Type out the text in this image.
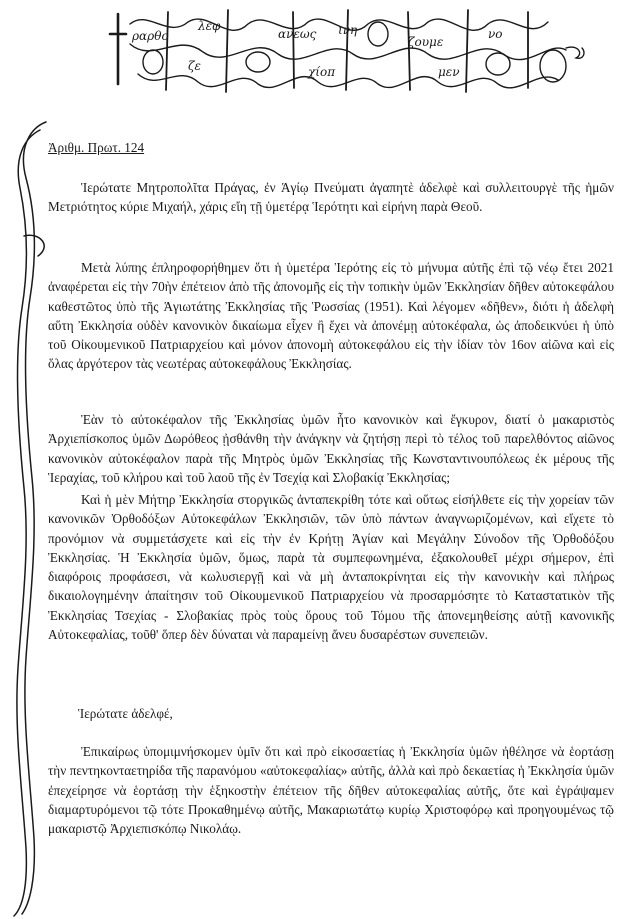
ραρθο
λεφ
ανεως ινη
ζουμε
νο
ζε	χίοπ	μεν
Ἀριθμ. Πρωτ. 124
Ἱερώτατε Μητροπολῖτα Πράγας, ἐν Ἁγίῳ Πνεύματι ἀγαπητὲ ἀδελφὲ καὶ συλλειτουργὲ τῆς ἡμῶν Μετριότητος κύριε Μιχαήλ, χάρις εἴη τῇ ὑμετέρᾳ Ἱερότητι καὶ εἰρήνη παρὰ Θεοῦ.
Μετὰ λύπης ἐπληροφορήθημεν ὅτι ἡ ὑμετέρα Ἱερότης εἰς τὸ μήνυμα αὐτῆς ἐπὶ τῷ νέῳ ἔτει 2021 ἀναφέρεται εἰς τὴν 70ὴν ἐπέτειον ἀπὸ τῆς ἀπονομῆς εἰς τὴν τοπικὴν ὑμῶν Ἐκκλησίαν δῆθεν αὐτοκεφάλου καθεστῶτος ὑπὸ τῆς Ἁγιωτάτης Ἐκκλησίας τῆς Ῥωσσίας (1951). Καὶ λέγομεν «δῆθεν», διότι ἡ ἀδελφὴ αὕτη Ἐκκλησία οὐδὲν κανονικὸν δικαίωμα εἶχεν ἢ ἔχει νὰ ἀπονέμῃ αὐτοκέφαλα, ὡς ἀποδεικνύει ἡ ὑπὸ τοῦ Οἰκουμενικοῦ Πατριαρχείου καὶ μόνον ἀπονομὴ αὐτοκεφάλου εἰς τὴν ἰδίαν τὸν 16ον αἰῶνα καὶ εἰς ὅλας ἀργότερον τὰς νεωτέρας αὐτοκεφάλους Ἐκκλησίας.
Ἐὰν τὸ αὐτοκέφαλον τῆς Ἐκκλησίας ὑμῶν ἦτο κανονικὸν καὶ ἔγκυρον, διατί ὁ μακαριστὸς Ἀρχιεπίσκοπος ὑμῶν Δωρόθεος ᾐσθάνθη τὴν ἀνάγκην νὰ ζητήσῃ περὶ τὸ τέλος τοῦ παρελθόντος αἰῶνος κανονικὸν αὐτοκέφαλον παρὰ τῆς Μητρὸς ὑμῶν Ἐκκλησίας τῆς Κωνσταντινουπόλεως ἐκ μέρους τῆς Ἱεραχίας, τοῦ κλήρου καὶ τοῦ λαοῦ τῆς ἐν Τσεχίᾳ καὶ Σλοβακίᾳ Ἐκκλησίας;
Καὶ ἡ μὲν Μήτηρ Ἐκκλησία στοργικῶς ἀνταπεκρίθη τότε καὶ οὕτως εἰσήλθετε εἰς τὴν χορείαν τῶν κανονικῶν Ὀρθοδόξων Αὐτοκεφάλων Ἐκκλησιῶν, τῶν ὑπὸ πάντων ἀναγνωριζομένων, καὶ εἴχετε τὸ προνόμιον νὰ συμμετάσχετε καὶ εἰς τὴν ἐν Κρήτῃ Ἁγίαν καὶ Μεγάλην Σύνοδον τῆς Ὀρθοδόξου Ἐκκλησίας. Ἡ Ἐκκλησία ὑμῶν, ὅμως, παρὰ τὰ συμπεφωνημένα, ἐξακολουθεῖ μέχρι σήμερον, ἐπὶ διαφόροις προφάσεσι, νὰ κωλυσιεργῇ καὶ νὰ μὴ ἀνταποκρίνηται εἰς τὴν κανονικὴν καὶ πλήρως δικαιολογημένην ἀπαίτησιν τοῦ Οἰκουμενικοῦ Πατριαρχείου νὰ προσαρμόσητε τὸ Καταστατικὸν τῆς Ἐκκλησίας Τσεχίας - Σλοβακίας πρὸς τοὺς ὅρους τοῦ Τόμου τῆς ἀπονεμηθείσης αὐτῇ κανονικῆς Αὐτοκεφαλίας, τοῦθ' ὅπερ δὲν δύναται νὰ παραμείνῃ ἄνευ δυσαρέστων συνεπειῶν.
Ἱερώτατε ἀδελφέ,
Ἐπικαίρως ὑπομιμνήσκομεν ὑμῖν ὅτι καὶ πρὸ εἰκοσαετίας ἡ Ἐκκλησία ὑμῶν ἠθέλησε νὰ ἑορτάσῃ τὴν πεντηκονταετηρίδα τῆς παρανόμου «αὐτοκεφαλίας» αὐτῆς, ἀλλὰ καὶ πρὸ δεκαετίας ἡ Ἐκκλησία ὑμῶν ἐπεχείρησε νὰ ἑορτάσῃ τὴν ἑξηκοστὴν ἐπέτειον τῆς δῆθεν αὐτοκεφαλίας αὐτῆς, ὅτε καὶ ἐγράψαμεν διαμαρτυρόμενοι τῷ τότε Προκαθημένῳ αὐτῆς, Μακαριωτάτῳ κυρίῳ Χριστοφόρῳ καὶ προηγουμένως τῷ μακαριστῷ Ἀρχιεπισκόπῳ Νικολάῳ.
